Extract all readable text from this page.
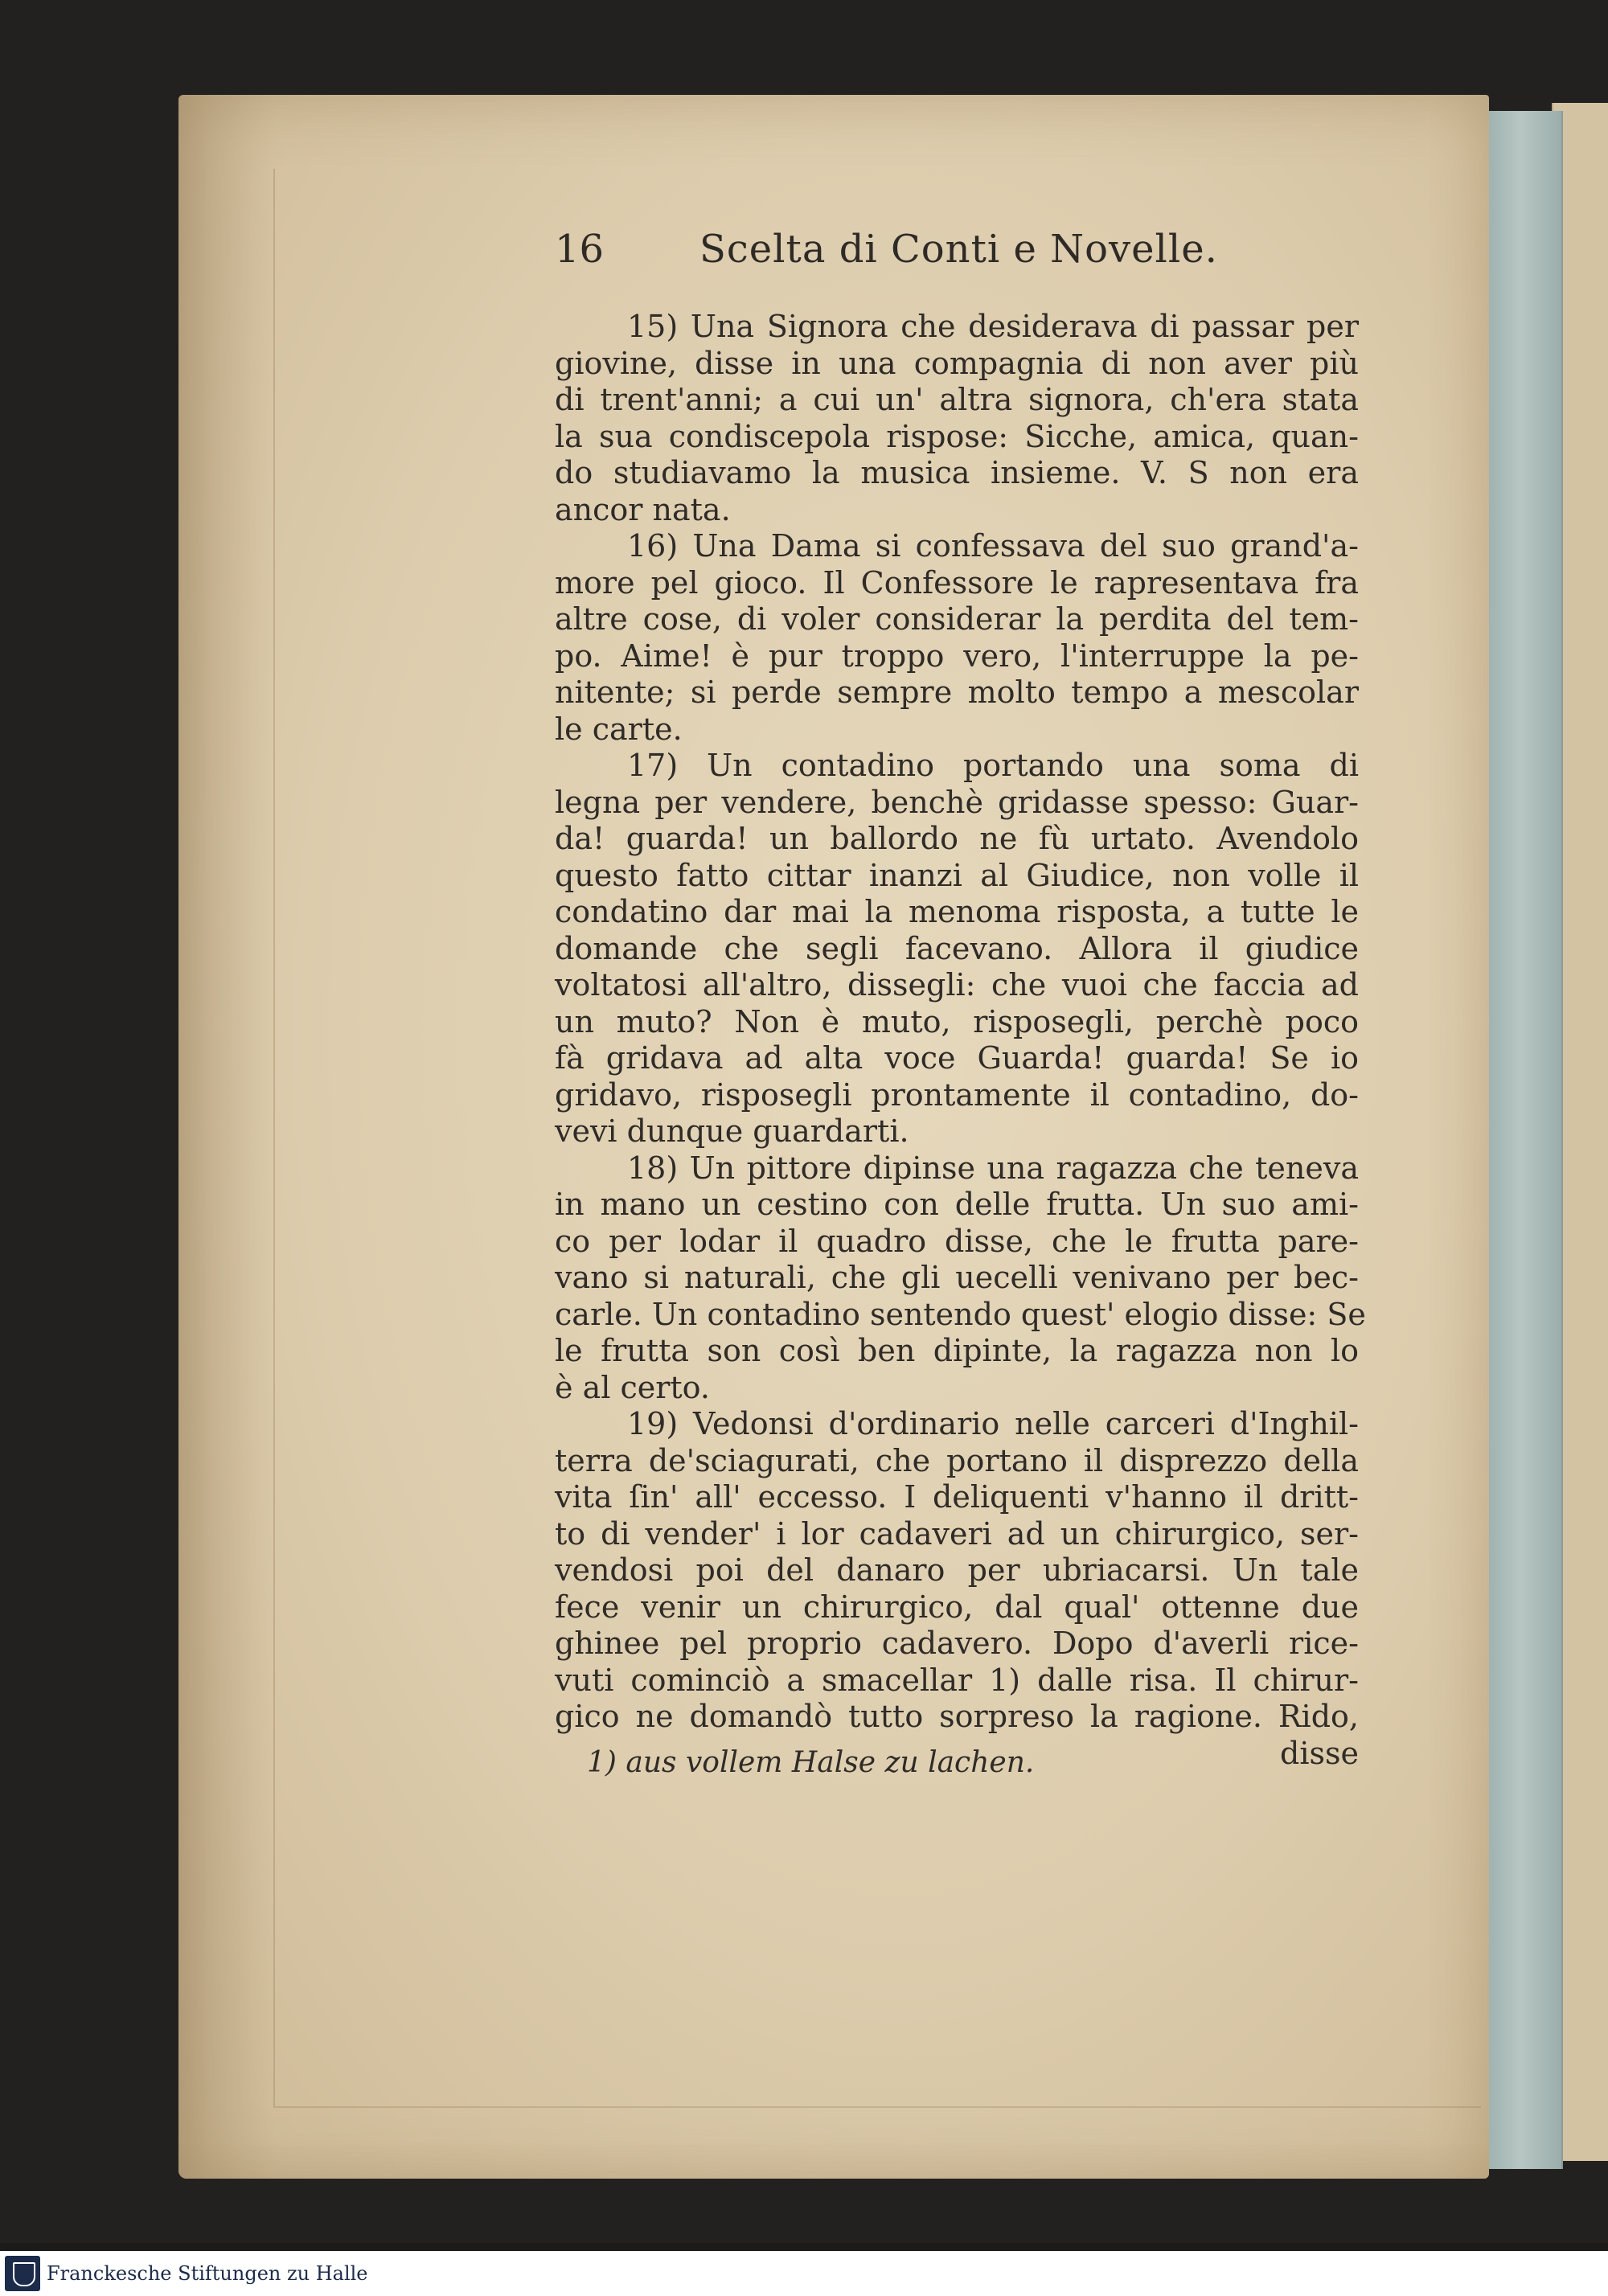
16 Scelta di Conti e Novelle.
15) Una Signora che desiderava di passar per
giovine, disse in una compagnia di non aver più
di trent'anni; a cui un' altra signora, ch'era stata
la sua condiscepola rispose: Sicche, amica, quan-
do studiavamo la musica insieme. V. S non era
ancor nata.
16) Una Dama si confessava del suo grand'a-
more pel gioco. Il Confessore le rapresentava fra
altre cose, di voler considerar la perdita del tem-
po. Aime! è pur troppo vero, l'interruppe la pe-
nitente; si perde sempre molto tempo a mescolar
le carte.
17) Un contadino portando una soma di
legna per vendere, benchè gridasse spesso: Guar-
da! guarda! un ballordo ne fù urtato. Avendolo
questo fatto cittar inanzi al Giudice, non volle il
condatino dar mai la menoma risposta, a tutte le
domande che segli facevano. Allora il giudice
voltatosi all'altro, dissegli: che vuoi che faccia ad
un muto? Non è muto, risposegli, perchè poco
fà gridava ad alta voce Guarda! guarda! Se io
gridavo, risposegli prontamente il contadino, do-
vevi dunque guardarti.
18) Un pittore dipinse una ragazza che teneva
in mano un cestino con delle frutta. Un suo ami-
co per lodar il quadro disse, che le frutta pare-
vano si naturali, che gli uecelli venivano per bec-
carle. Un contadino sentendo quest' elogio disse: Se
le frutta son così ben dipinte, la ragazza non lo
è al certo.
19) Vedonsi d'ordinario nelle carceri d'Inghil-
terra de'sciagurati, che portano il disprezzo della
vita ſin' all' eccesso. I deliquenti v'hanno il dritt-
to di vender' i lor cadaveri ad un chirurgico, ser-
vendosi poi del danaro per ubriacarsi. Un tale
fece venir un chirurgico, dal qual' ottenne due
ghinee pel proprio cadavero. Dopo d'averli rice-
vuti cominciò a smacellar 1) dalle risa. Il chirur-
gico ne domandò tutto sorpreso la ragione. Rido,
disse
1) aus vollem Halse zu lachen.
Franckesche Stiftungen zu Halle
